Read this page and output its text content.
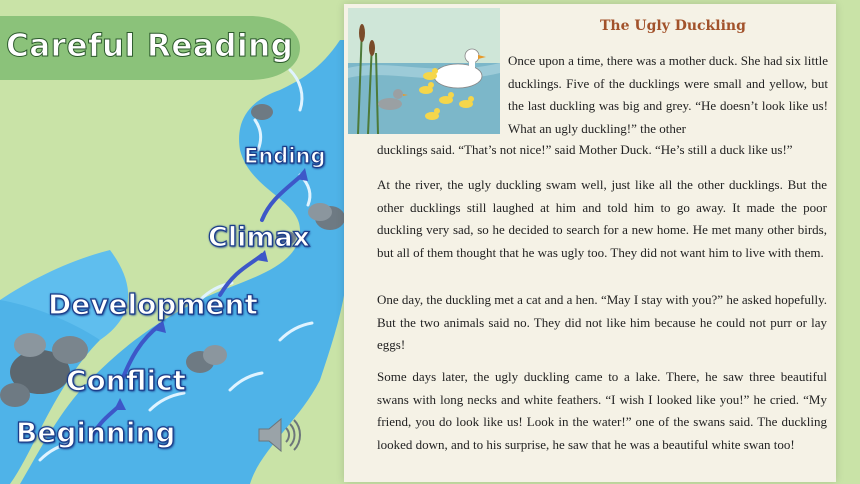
Careful Reading
Ending
Climax
Development
Conflict
Beginning
The Ugly Duckling

Once upon a time, there was a mother duck. She had six little ducklings. Five of the ducklings were small and yellow, but the last duckling was big and grey. “He doesn’t look like us! What an ugly duckling!” the other

ducklings said. “That’s not nice!” said Mother Duck. “He’s still a duck like us!”

At the river, the ugly duckling swam well, just like all the other ducklings. But the other ducklings still laughed at him and told him to go away. It made the poor duckling very sad, so he decided to search for a new home. He met many other birds, but all of them thought that he was ugly too. They did not want him to live with them.

One day, the duckling met a cat and a hen. “May I stay with you?” he asked hopefully. But the two animals said no. They did not like him because he could not purr or lay eggs!

Some days later, the ugly duckling came to a lake. There, he saw three beautiful swans with long necks and white feathers. “I wish I looked like you!” he cried. “My friend, you do look like us! Look in the water!” one of the swans said. The duckling looked down, and to his surprise, he saw that he was a beautiful white swan too!
